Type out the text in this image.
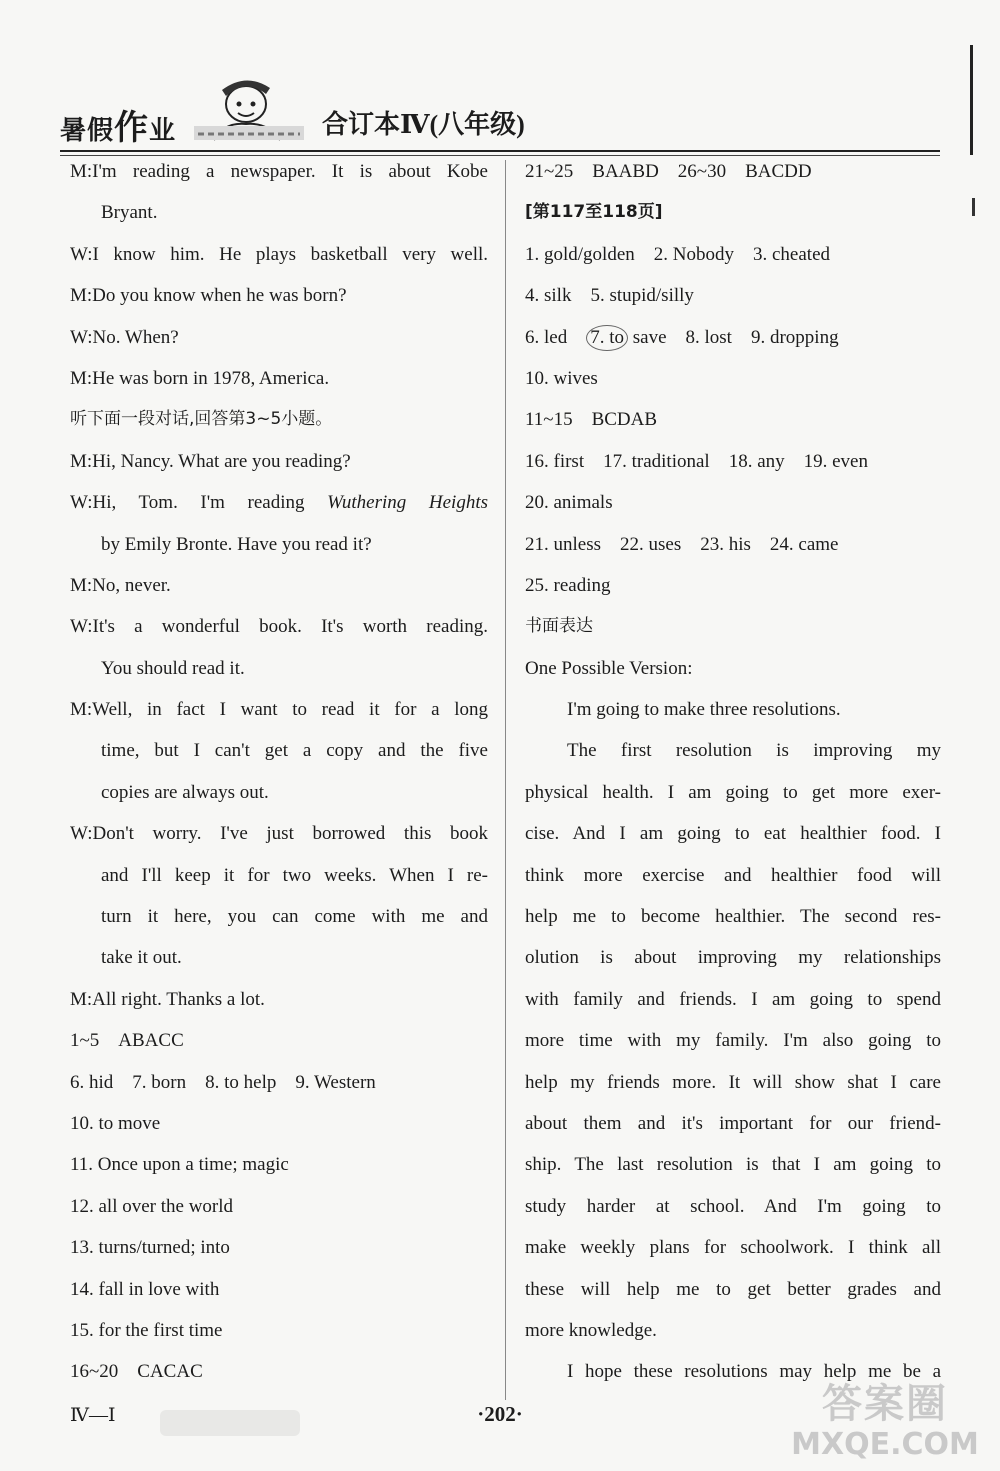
暑假作业	合订本Ⅳ(八年级)
M:I'm reading a newspaper. It is about Kobe
Bryant.
W:I know him. He plays basketball very well.
M:Do you know when he was born?
W:No. When?
M:He was born in 1978, America.
听下面一段对话,回答第3~5小题。
M:Hi, Nancy. What are you reading?
W:Hi, Tom. I'm reading Wuthering Heights
by Emily Bronte. Have you read it?
M:No, never.
W:It's a wonderful book. It's worth reading.
You should read it.
M:Well, in fact I want to read it for a long
time, but I can't get a copy and the five
copies are always out.
W:Don't worry. I've just borrowed this book
and I'll keep it for two weeks. When I re-
turn it here, you can come with me and
take it out.
M:All right. Thanks a lot.
1~5　ABACC
6. hid　7. born　8. to help　9. Western
10. to move
11. Once upon a time; magic
12. all over the world
13. turns/turned; into
14. fall in love with
15. for the first time
16~20　CACAC
21~25　BAABD　26~30　BACDD
[第117至118页]
1. gold/golden　2. Nobody　3. cheated
4. silk　5. stupid/silly
6. led　7. to save　8. lost　9. dropping
10. wives
11~15　BCDAB
16. first　17. traditional　18. any　19. even
20. animals
21. unless　22. uses　23. his　24. came
25. reading
书面表达
One Possible Version:
I'm going to make three resolutions.
The first resolution is improving my
physical health. I am going to get more exer-
cise. And I am going to eat healthier food. I
think more exercise and healthier food will
help me to become healthier. The second res-
olution is about improving my relationships
with family and friends. I am going to spend
more time with my family. I'm also going to
help my friends more. It will show shat I care
about them and it's important for our friend-
ship. The last resolution is that I am going to
study harder at school. And I'm going to
make weekly plans for schoolwork. I think all
these will help me to get better grades and
more knowledge.
I hope these resolutions may help me be a
Ⅳ—Ⅰ	·202·	答案圈
MXQE.COM
